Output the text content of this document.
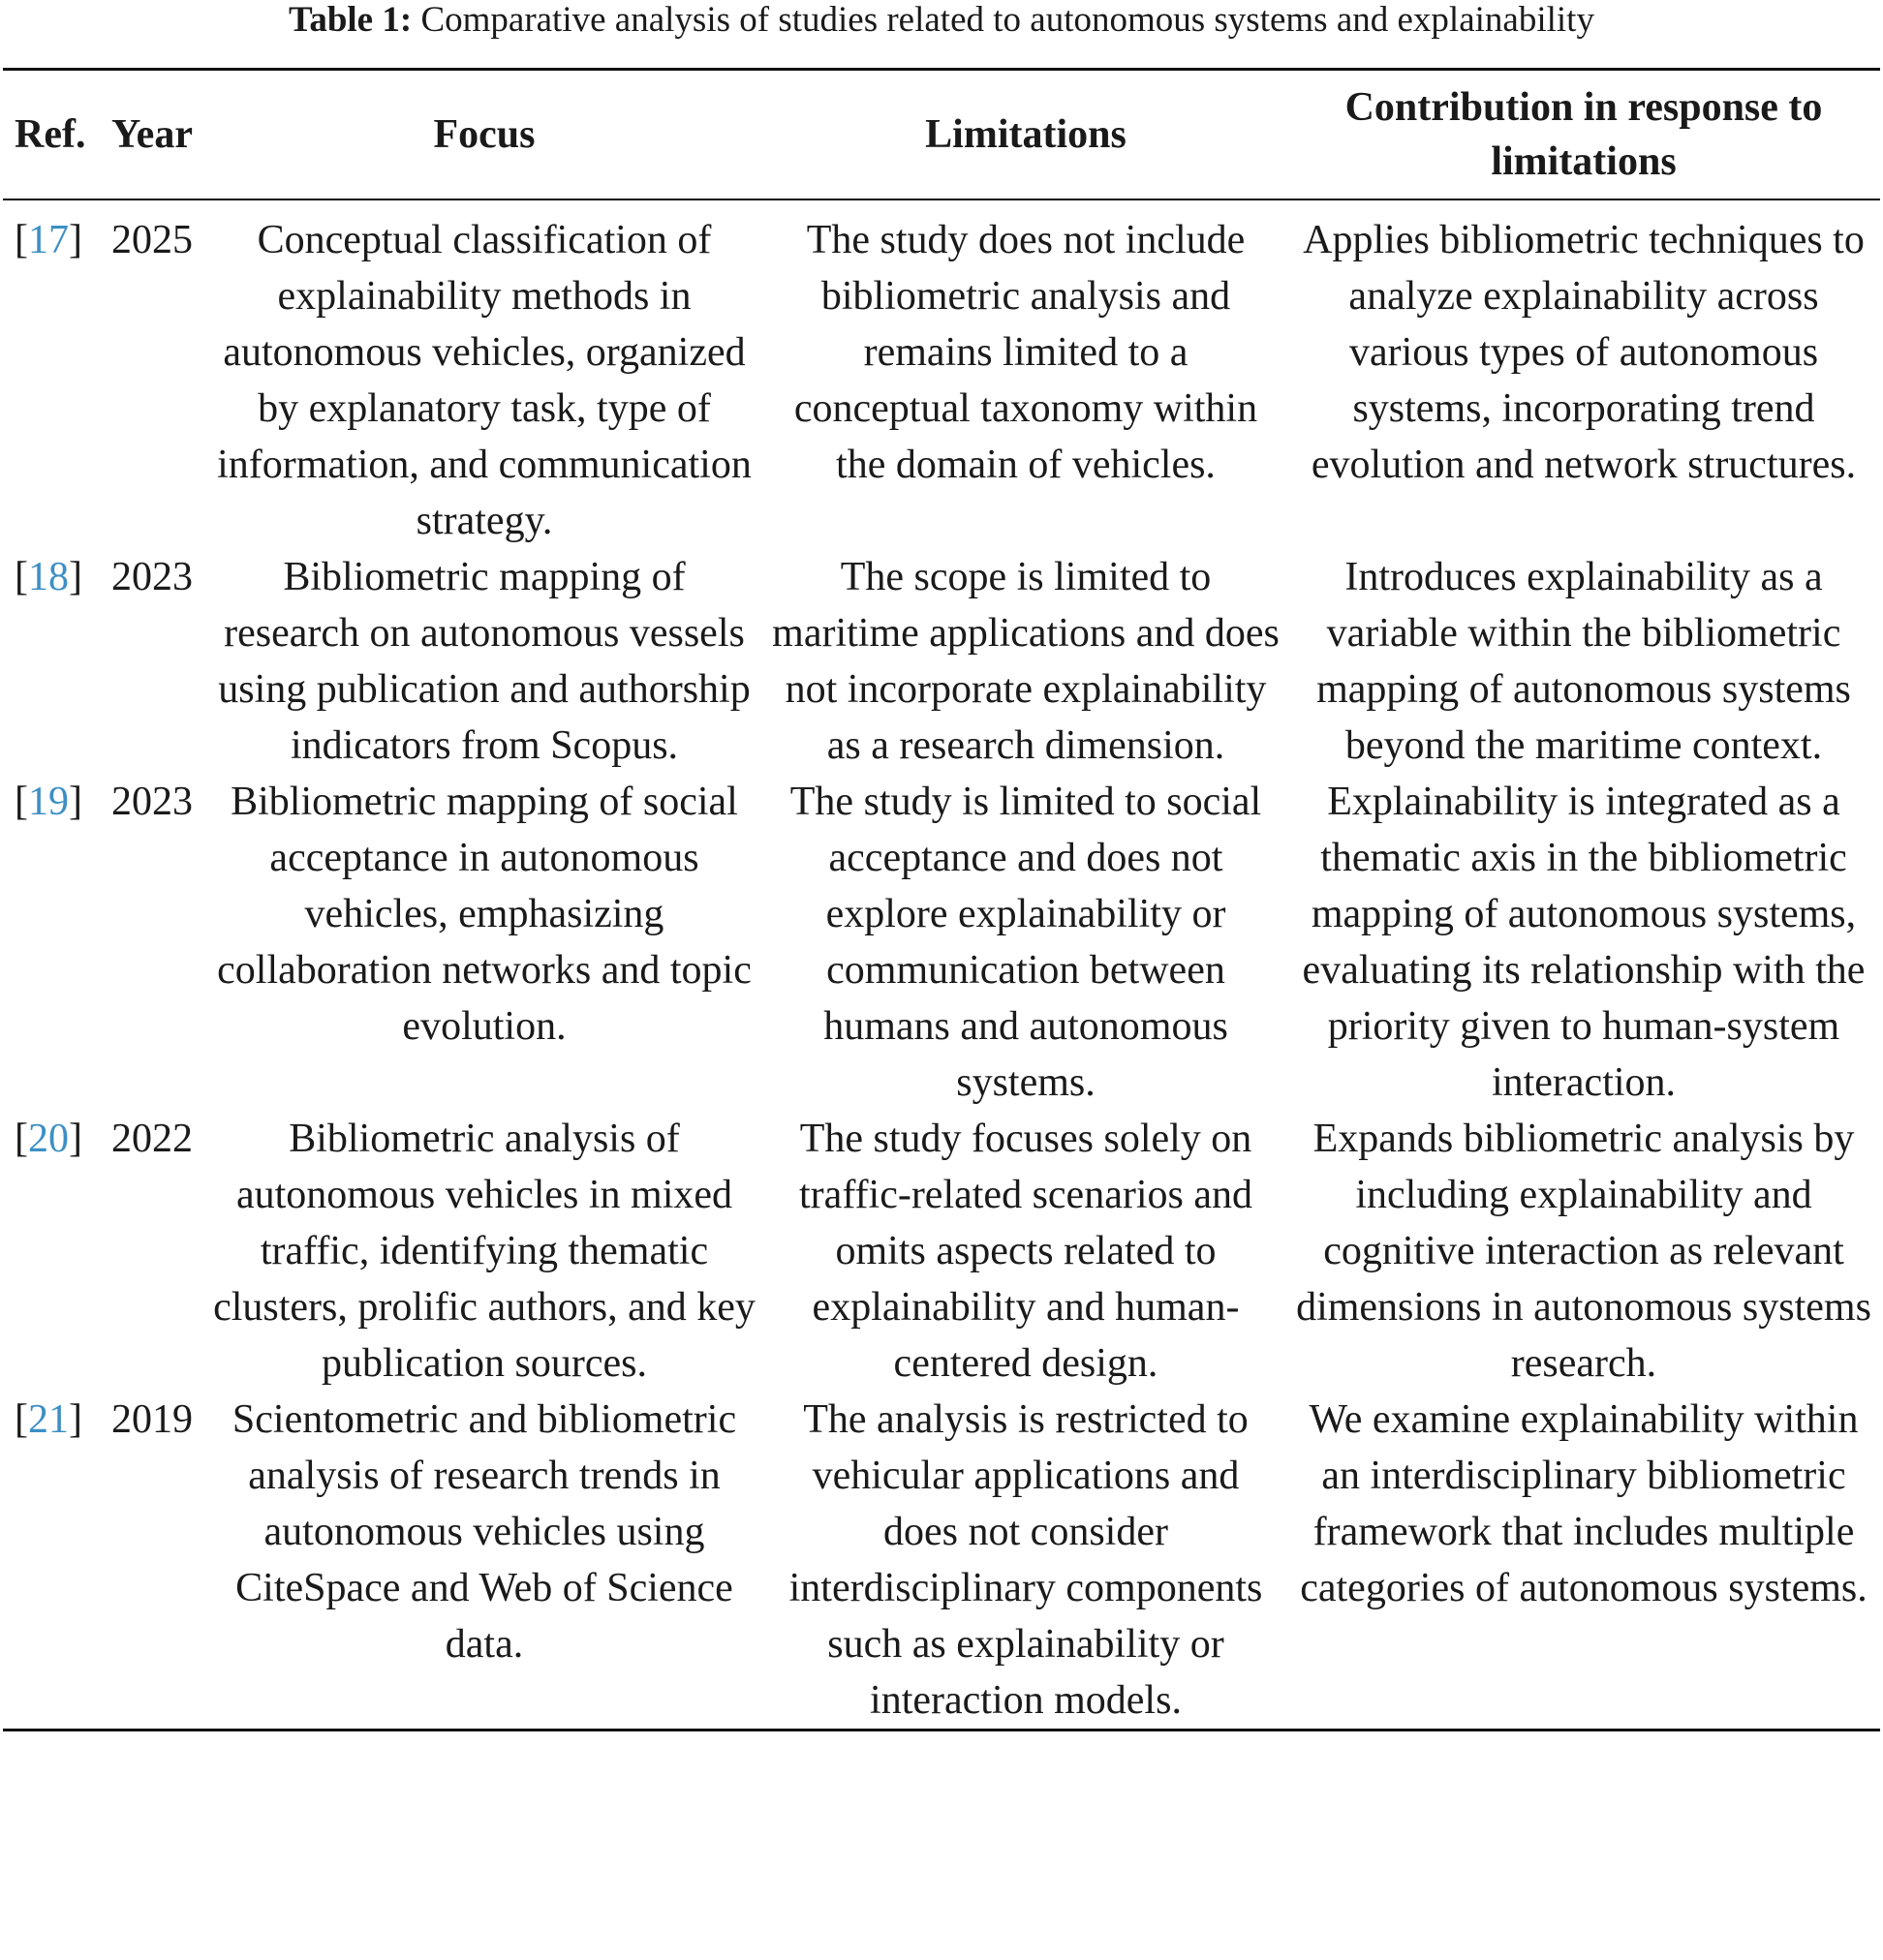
Table 1: Comparative analysis of studies related to autonomous systems and explainability
Ref.	Year	Focus	Limitations	Contribution in response to limitations
[17]	2025	Conceptual classification of explainability methods in autonomous vehicles, organized by explanatory task, type of information, and communication strategy.	The study does not include bibliometric analysis and remains limited to a conceptual taxonomy within the domain of vehicles.	Applies bibliometric techniques to analyze explainability across various types of autonomous systems, incorporating trend evolution and network structures.
[18]	2023	Bibliometric mapping of research on autonomous vessels using publication and authorship indicators from Scopus.	The scope is limited to maritime applications and does not incorporate explainability as a research dimension.	Introduces explainability as a variable within the bibliometric mapping of autonomous systems beyond the maritime context.
[19]	2023	Bibliometric mapping of social acceptance in autonomous vehicles, emphasizing collaboration networks and topic evolution.	The study is limited to social acceptance and does not explore explainability or communication between humans and autonomous systems.	Explainability is integrated as a thematic axis in the bibliometric mapping of autonomous systems, evaluating its relationship with the priority given to human-system interaction.
[20]	2022	Bibliometric analysis of autonomous vehicles in mixed traffic, identifying thematic clusters, prolific authors, and key publication sources.	The study focuses solely on traffic-related scenarios and omits aspects related to explainability and human-centered design.	Expands bibliometric analysis by including explainability and cognitive interaction as relevant dimensions in autonomous systems research.
[21]	2019	Scientometric and bibliometric analysis of research trends in autonomous vehicles using CiteSpace and Web of Science data.	The analysis is restricted to vehicular applications and does not consider interdisciplinary components such as explainability or interaction models.	We examine explainability within an interdisciplinary bibliometric framework that includes multiple categories of autonomous systems.
